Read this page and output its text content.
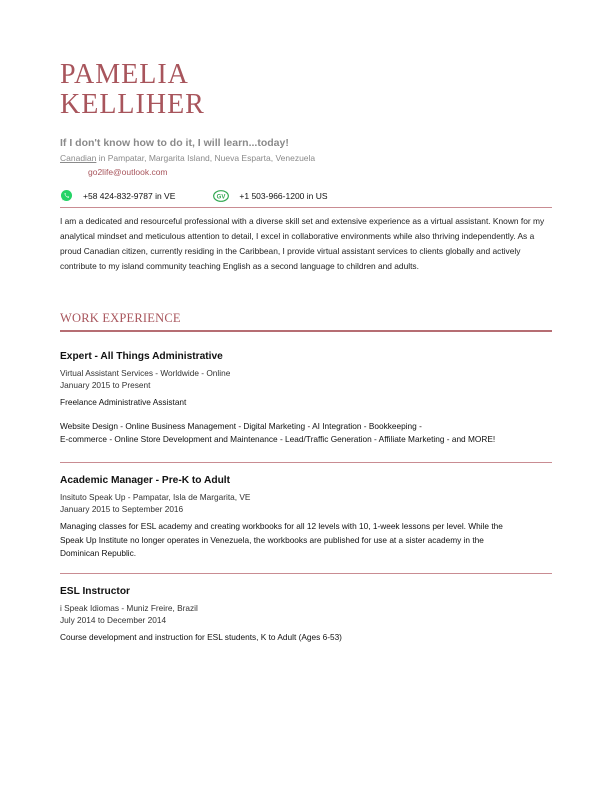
PAMELIA
KELLIHER
If I don't know how to do it, I will learn...today!
Canadian in Pampatar, Margarita Island, Nueva Esparta, Venezuela
go2life@outlook.com
+58 424-832-9787 in VE	GV +1 503-966-1200 in US
I am a dedicated and resourceful professional with a diverse skill set and extensive experience as a virtual assistant. Known for my analytical mindset and meticulous attention to detail, I excel in collaborative environments while also thriving independently. As a proud Canadian citizen, currently residing in the Caribbean, I provide virtual assistant services to clients globally and actively contribute to my island community teaching English as a second language to children and adults.
WORK EXPERIENCE
Expert - All Things Administrative
Virtual Assistant Services - Worldwide - Online
January 2015 to Present
Freelance Administrative Assistant
Website Design - Online Business Management - Digital Marketing - AI Integration - Bookkeeping -
E-commerce - Online Store Development and Maintenance - Lead/Traffic Generation - Affiliate Marketing - and MORE!
Academic Manager - Pre-K to Adult
Insituto Speak Up - Pampatar, Isla de Margarita, VE
January 2015 to September 2016
Managing classes for ESL academy and creating workbooks for all 12 levels with 10, 1-week lessons per level. While the
Speak Up Institute no longer operates in Venezuela, the workbooks are published for use at a sister academy in the
Dominican Republic.
ESL Instructor
i Speak Idiomas - Muniz Freire, Brazil
July 2014 to December 2014
Course development and instruction for ESL students, K to Adult (Ages 6-53)
